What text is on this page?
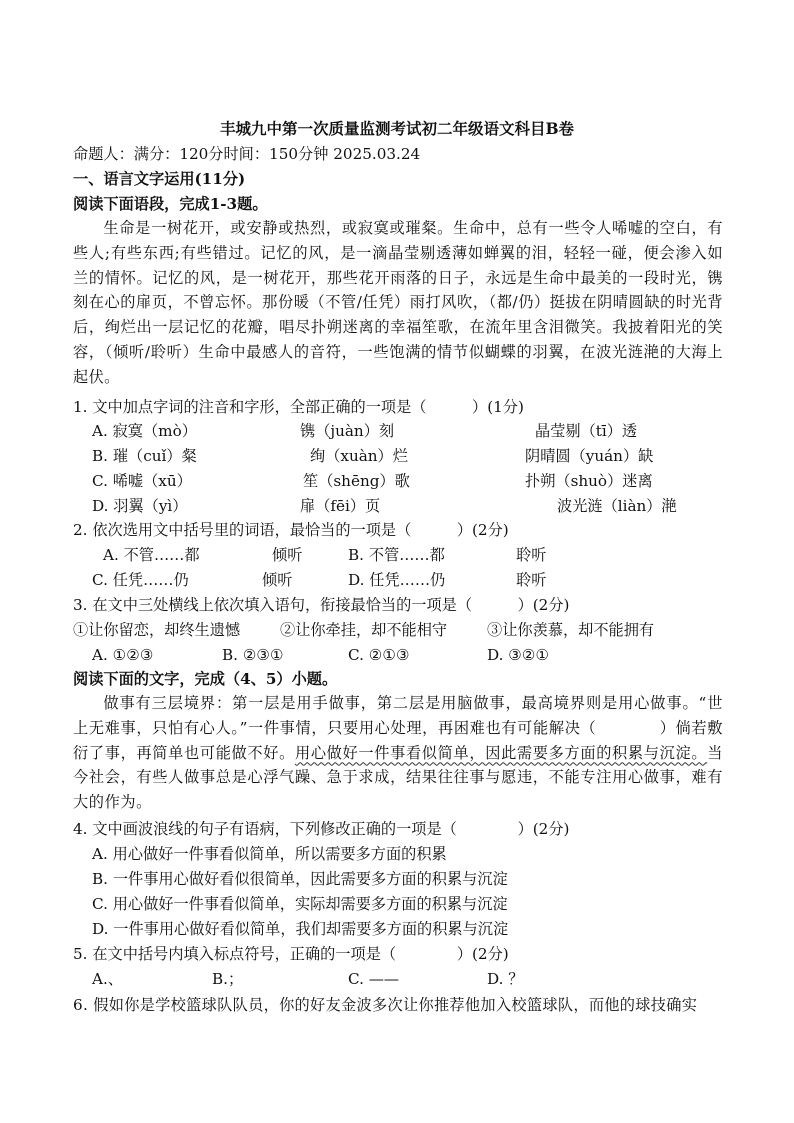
丰城九中第一次质量监测考试初二年级语文科目B卷
命题人：满分：120分时间：150分钟 2025.03.24
一、语言文字运用(11分)
阅读下面语段，完成1-3题。
生命是一树花开，或安静或热烈，或寂寞或璀粲。生命中，总有一些令人唏嘘的空白，有些人;有些东西;有些错过。记忆的风，是一滴晶莹剔透薄如蝉翼的泪，轻轻一碰，便会渗入如兰的情怀。记忆的风，是一树花开，那些花开雨落的日子，永远是生命中最美的一段时光，镌刻在心的扉页，不曾忘怀。那份暖（不管/任凭）雨打风吹，（都/仍）挺拔在阴晴圆缺的时光背后，绚烂出一层记忆的花瓣，唱尽扑朔迷离的幸福笙歌，在流年里含泪微笑。我披着阳光的笑容，（倾听/聆听）生命中最感人的音符，一些饱满的情节似蝴蝶的羽翼，在波光涟滟的大海上起伏。
1. 文中加点字词的注音和字形，全部正确的一项是（　　　）(1分)
A. 寂寞（mò）	镌（juàn）刻	晶莹剔（tī）透
B. 璀（cuǐ）粲	绚（xuàn）烂	阴晴圆（yuán）缺
C. 唏嘘（xū）	笙（shēng）歌	扑朔（shuò）迷离
D. 羽翼（yì）	扉（fēi）页	波光涟（liàn）滟
2. 依次选用文中括号里的词语，最恰当的一项是（　　　）(2分)
A. 不管……都	倾听	B. 不管……都	聆听
C. 任凭……仍	倾听	D. 任凭……仍	聆听
3. 在文中三处横线上依次填入语句，衔接最恰当的一项是（　　　）(2分)
①让你留恋，却终生遗憾	②让你牵挂，却不能相守	③让你羡慕，却不能拥有
A. ①②③	B. ②③①	C. ②①③	D. ③②①
阅读下面的文字，完成（4、5）小题。
做事有三层境界：第一层是用手做事，第二层是用脑做事，最高境界则是用心做事。“世上无难事，只怕有心人。”一件事情，只要用心处理，再困难也有可能解决（　　　　）倘若敷衍了事，再简单也可能做不好。用心做好一件事看似简单，因此需要多方面的积累与沉淀。当今社会，有些人做事总是心浮气躁、急于求成，结果往往事与愿违，不能专注用心做事，难有大的作为。
4. 文中画波浪线的句子有语病，下列修改正确的一项是（　　　　）(2分)
A. 用心做好一件事看似简单，所以需要多方面的积累
B. 一件事用心做好看似很简单，因此需要多方面的积累与沉淀
C. 用心做好一件事看似简单，实际却需要多方面的积累与沉淀
D. 一件事用心做好看似简单，我们却需要多方面的积累与沉淀
5. 在文中括号内填入标点符号，正确的一项是（　　　　）(2分)
A.、	B.；	C. ——	D. ？
6. 假如你是学校篮球队队员，你的好友金波多次让你推荐他加入校篮球队，而他的球技确实
